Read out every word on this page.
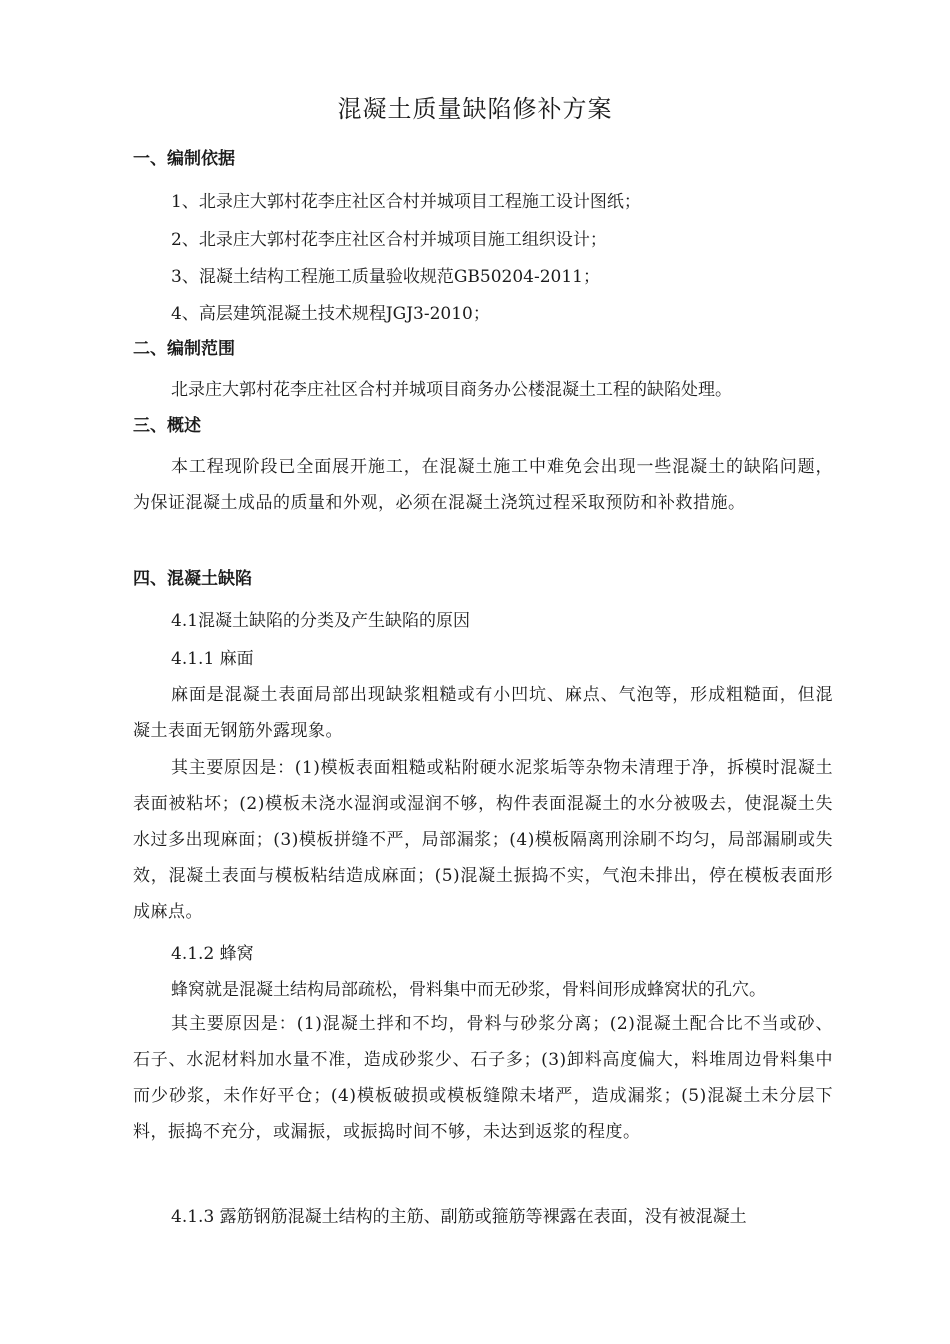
混凝土质量缺陷修补方案
一、编制依据
1、北录庄大郭村花李庄社区合村并城项目工程施工设计图纸；
2、北录庄大郭村花李庄社区合村并城项目施工组织设计；
3、混凝土结构工程施工质量验收规范GB50204-2011；
4、高层建筑混凝土技术规程JGJ3-2010；
二、编制范围
北录庄大郭村花李庄社区合村并城项目商务办公楼混凝土工程的缺陷处理。
三、概述
本工程现阶段已全面展开施工，在混凝土施工中难免会出现一些混凝土的缺陷问题，为保证混凝土成品的质量和外观，必须在混凝土浇筑过程采取预防和补救措施。
四、混凝土缺陷
4.1混凝土缺陷的分类及产生缺陷的原因
4.1.1 麻面
麻面是混凝土表面局部出现缺浆粗糙或有小凹坑、麻点、气泡等，形成粗糙面，但混凝土表面无钢筋外露现象。
其主要原因是：(1)模板表面粗糙或粘附硬水泥浆垢等杂物未清理于净，拆模时混凝土表面被粘坏；(2)模板未浇水湿润或湿润不够，构件表面混凝土的水分被吸去，使混凝土失水过多出现麻面；(3)模板拼缝不严，局部漏浆；(4)模板隔离刑涂刷不均匀，局部漏刷或失效，混凝土表面与模板粘结造成麻面；(5)混凝土振捣不实，气泡未排出，停在模板表面形成麻点。
4.1.2 蜂窝
蜂窝就是混凝土结构局部疏松，骨料集中而无砂浆，骨料间形成蜂窝状的孔穴。
其主要原因是：(1)混凝土拌和不均，骨料与砂浆分离；(2)混凝土配合比不当或砂、石子、水泥材料加水量不准，造成砂浆少、石子多；(3)卸料高度偏大，料堆周边骨料集中而少砂浆，未作好平仓；(4)模板破损或模板缝隙未堵严，造成漏浆；(5)混凝土未分层下料，振捣不充分，或漏振，或振捣时间不够，未达到返浆的程度。
4.1.3 露筋钢筋混凝土结构的主筋、副筋或箍筋等裸露在表面，没有被混凝土
